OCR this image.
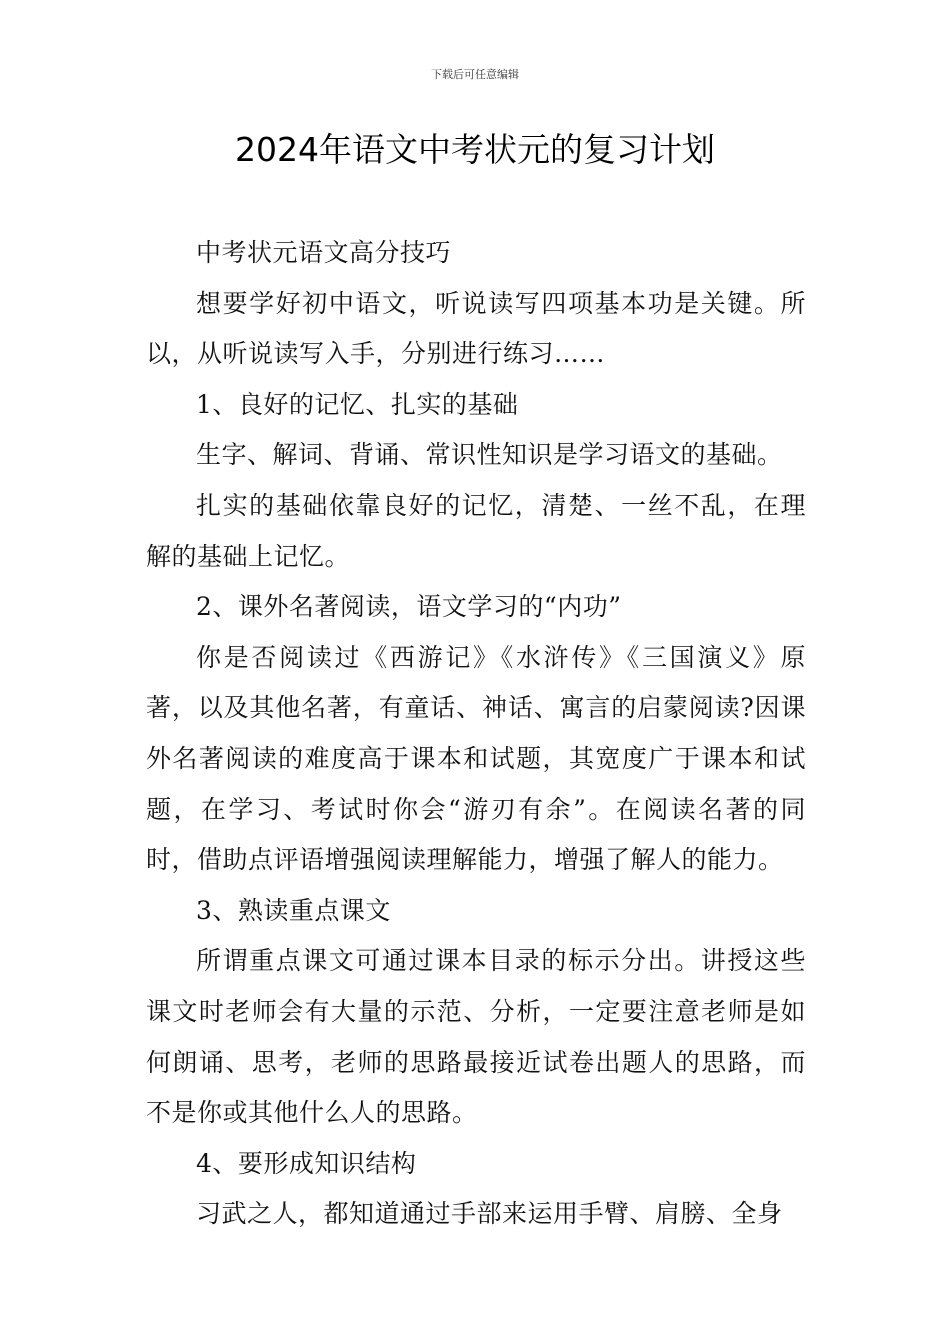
下载后可任意编辑
2024年语文中考状元的复习计划

中考状元语文高分技巧

想要学好初中语文，听说读写四项基本功是关键。所以，从听说读写入手，分别进行练习……

1、良好的记忆、扎实的基础

生字、解词、背诵、常识性知识是学习语文的基础。

扎实的基础依靠良好的记忆，清楚、一丝不乱，在理解的基础上记忆。

2、课外名著阅读，语文学习的“内功”

你是否阅读过《西游记》《水浒传》《三国演义》原著，以及其他名著，有童话、神话、寓言的启蒙阅读?因课外名著阅读的难度高于课本和试题，其宽度广于课本和试题，在学习、考试时你会“游刃有余”。在阅读名著的同时，借助点评语增强阅读理解能力，增强了解人的能力。

3、熟读重点课文

所谓重点课文可通过课本目录的标示分出。讲授这些课文时老师会有大量的示范、分析，一定要注意老师是如何朗诵、思考，老师的思路最接近试卷出题人的思路，而不是你或其他什么人的思路。

4、要形成知识结构

习武之人，都知道通过手部来运用手臂、肩膀、全身
